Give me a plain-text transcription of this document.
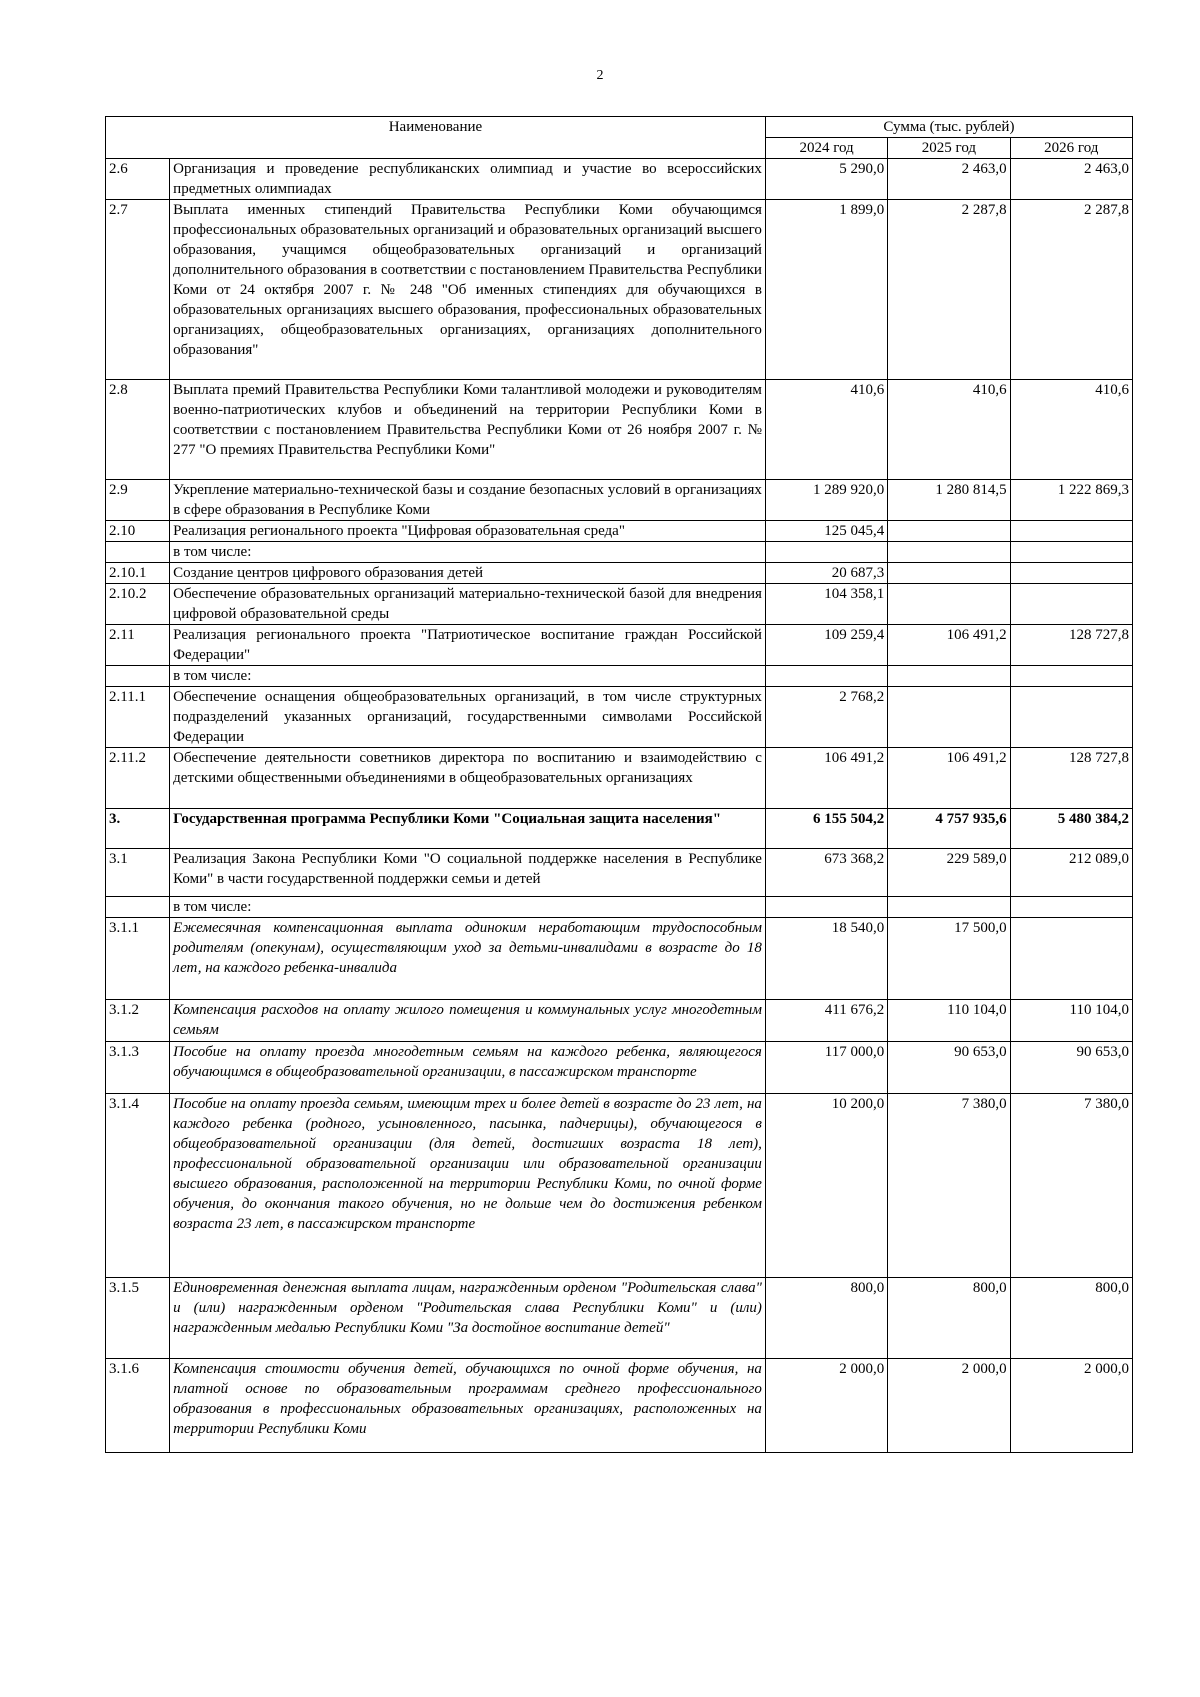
2
Наименование		Сумма (тыс. рублей)		
		2024 год	2025 год	2026 год
2.6	Организация и проведение республиканских олимпиад и участие во всероссийских предметных олимпиадах	5 290,0	2 463,0	2 463,0
2.7	Выплата именных стипендий Правительства Республики Коми обучающимся профессиональных образовательных организаций и образовательных организаций высшего образования, учащимся общеобразовательных организаций и организаций дополнительного образования в соответствии с постановлением Правительства Республики Коми от 24 октября 2007 г. № 248 "Об именных стипендиях для обучающихся в образовательных организациях высшего образования, профессиональных образовательных организациях, общеобразовательных организациях, организациях дополнительного образования"	1 899,0	2 287,8	2 287,8
2.8	Выплата премий Правительства Республики Коми талантливой молодежи и руководителям военно-патриотических клубов и объединений на территории Республики Коми в соответствии с постановлением Правительства Республики Коми от 26 ноября 2007 г. № 277 "О премиях Правительства Республики Коми"	410,6	410,6	410,6
2.9	Укрепление материально-технической базы и создание безопасных условий в организациях в сфере образования в Республике Коми	1 289 920,0	1 280 814,5	1 222 869,3
2.10	Реализация регионального проекта "Цифровая образовательная среда"	125 045,4		
	в том числе:			
2.10.1	Создание центров цифрового образования детей	20 687,3		
2.10.2	Обеспечение образовательных организаций материально-технической базой для внедрения цифровой образовательной среды	104 358,1		
2.11	Реализация регионального проекта "Патриотическое воспитание граждан Российской Федерации"	109 259,4	106 491,2	128 727,8
	в том числе:			
2.11.1	Обеспечение оснащения общеобразовательных организаций, в том числе структурных подразделений указанных организаций, государственными символами Российской Федерации	2 768,2		
2.11.2	Обеспечение деятельности советников директора по воспитанию и взаимодействию с детскими общественными объединениями в общеобразовательных организациях	106 491,2	106 491,2	128 727,8
3.	Государственная программа Республики Коми "Социальная защита населения"	6 155 504,2	4 757 935,6	5 480 384,2
3.1	Реализация Закона Республики Коми "О социальной поддержке населения в Республике Коми" в части государственной поддержки семьи и детей	673 368,2	229 589,0	212 089,0
	в том числе:			
3.1.1	Ежемесячная компенсационная выплата одиноким неработающим трудоспособным родителям (опекунам), осуществляющим уход за детьми-инвалидами в возрасте до 18 лет, на каждого ребенка-инвалида	18 540,0	17 500,0	
3.1.2	Компенсация расходов на оплату жилого помещения и коммунальных услуг многодетным семьям	411 676,2	110 104,0	110 104,0
3.1.3	Пособие на оплату проезда многодетным семьям на каждого ребенка, являющегося обучающимся в общеобразовательной организации, в пассажирском транспорте	117 000,0	90 653,0	90 653,0
3.1.4	Пособие на оплату проезда семьям, имеющим трех и более детей в возрасте до 23 лет, на каждого ребенка (родного, усыновленного, пасынка, падчерицы), обучающегося в общеобразовательной организации (для детей, достигших возраста 18 лет), профессиональной образовательной организации или образовательной организации высшего образования, расположенной на территории Республики Коми, по очной форме обучения, до окончания такого обучения, но не дольше чем до достижения ребенком возраста 23 лет, в пассажирском транспорте	10 200,0	7 380,0	7 380,0
3.1.5	Единовременная денежная выплата лицам, награжденным орденом "Родительская слава" и (или) награжденным орденом "Родительская слава Республики Коми" и (или) награжденным медалью Республики Коми "За достойное воспитание детей"	800,0	800,0	800,0
3.1.6	Компенсация стоимости обучения детей, обучающихся по очной форме обучения, на платной основе по образовательным программам среднего профессионального образования в профессиональных образовательных организациях, расположенных на территории Республики Коми	2 000,0	2 000,0	2 000,0
